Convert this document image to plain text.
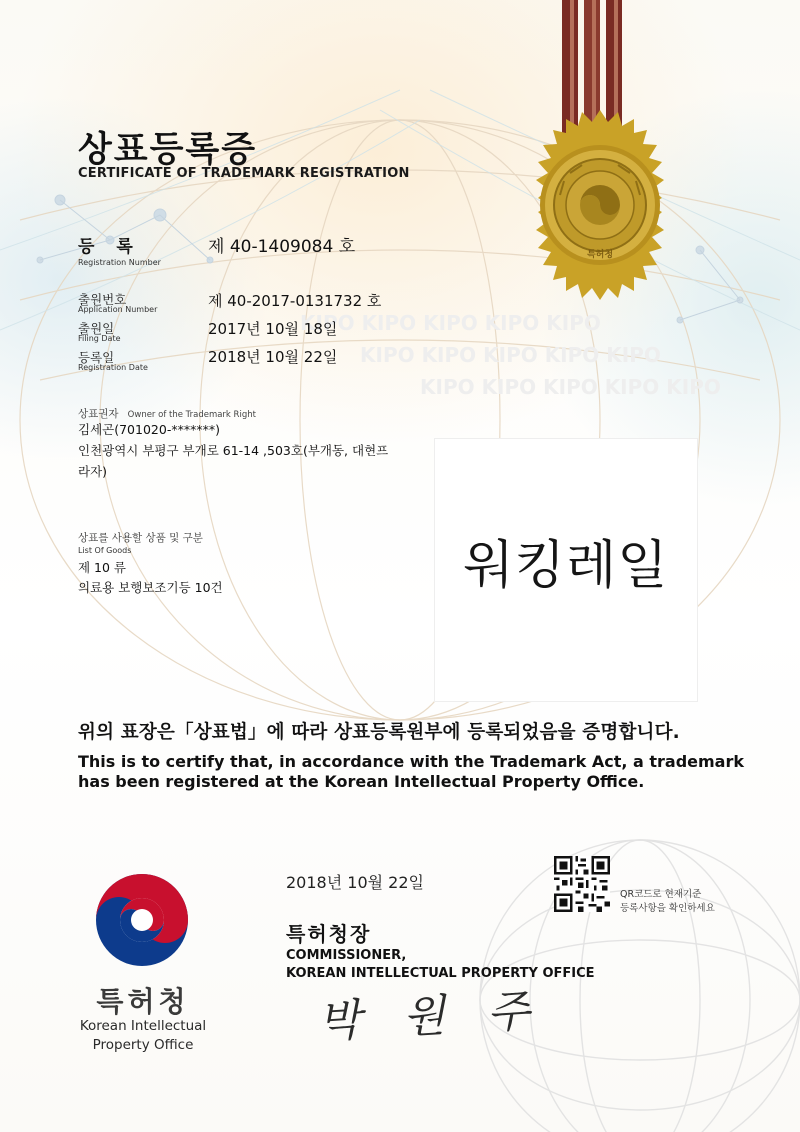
KIPO KIPO KIPO KIPO KIPO
KIPO KIPO KIPO KIPO KIPO
KIPO KIPO KIPO KIPO KIPO
특허청
상표등록증
CERTIFICATE OF TRADEMARK REGISTRATION
등 록
Registration Number
제 40-1409084 호
출원번호
Application Number	제 40-2017-0131732 호
출원일
Filing Date
2017년 10월 18일
등록일
Registration Date
2018년 10월 22일
상표권자 Owner of the Trademark Right
김세곤(701020-*******)
인천광역시 부평구 부개로 61-14 ,503호(부개동, 대현프
라자)
상표를 사용할 상품 및 구분
List Of Goods
제 10 류
의료용 보행보조기등 10건	워킹레일
위의 표장은「상표법」에 따라 상표등록원부에 등록되었음을 증명합니다.
This is to certify that, in accordance with the Trademark Act, a trademark
has been registered at the Korean Intellectual Property Office.
2018년 10월 22일
특허청장
COMMISSIONER,
KOREAN INTELLECTUAL PROPERTY OFFICE
박 원 주
QR코드로 현재기준
등록사항을 확인하세요
특허청
Korean Intellectual
Property Office
